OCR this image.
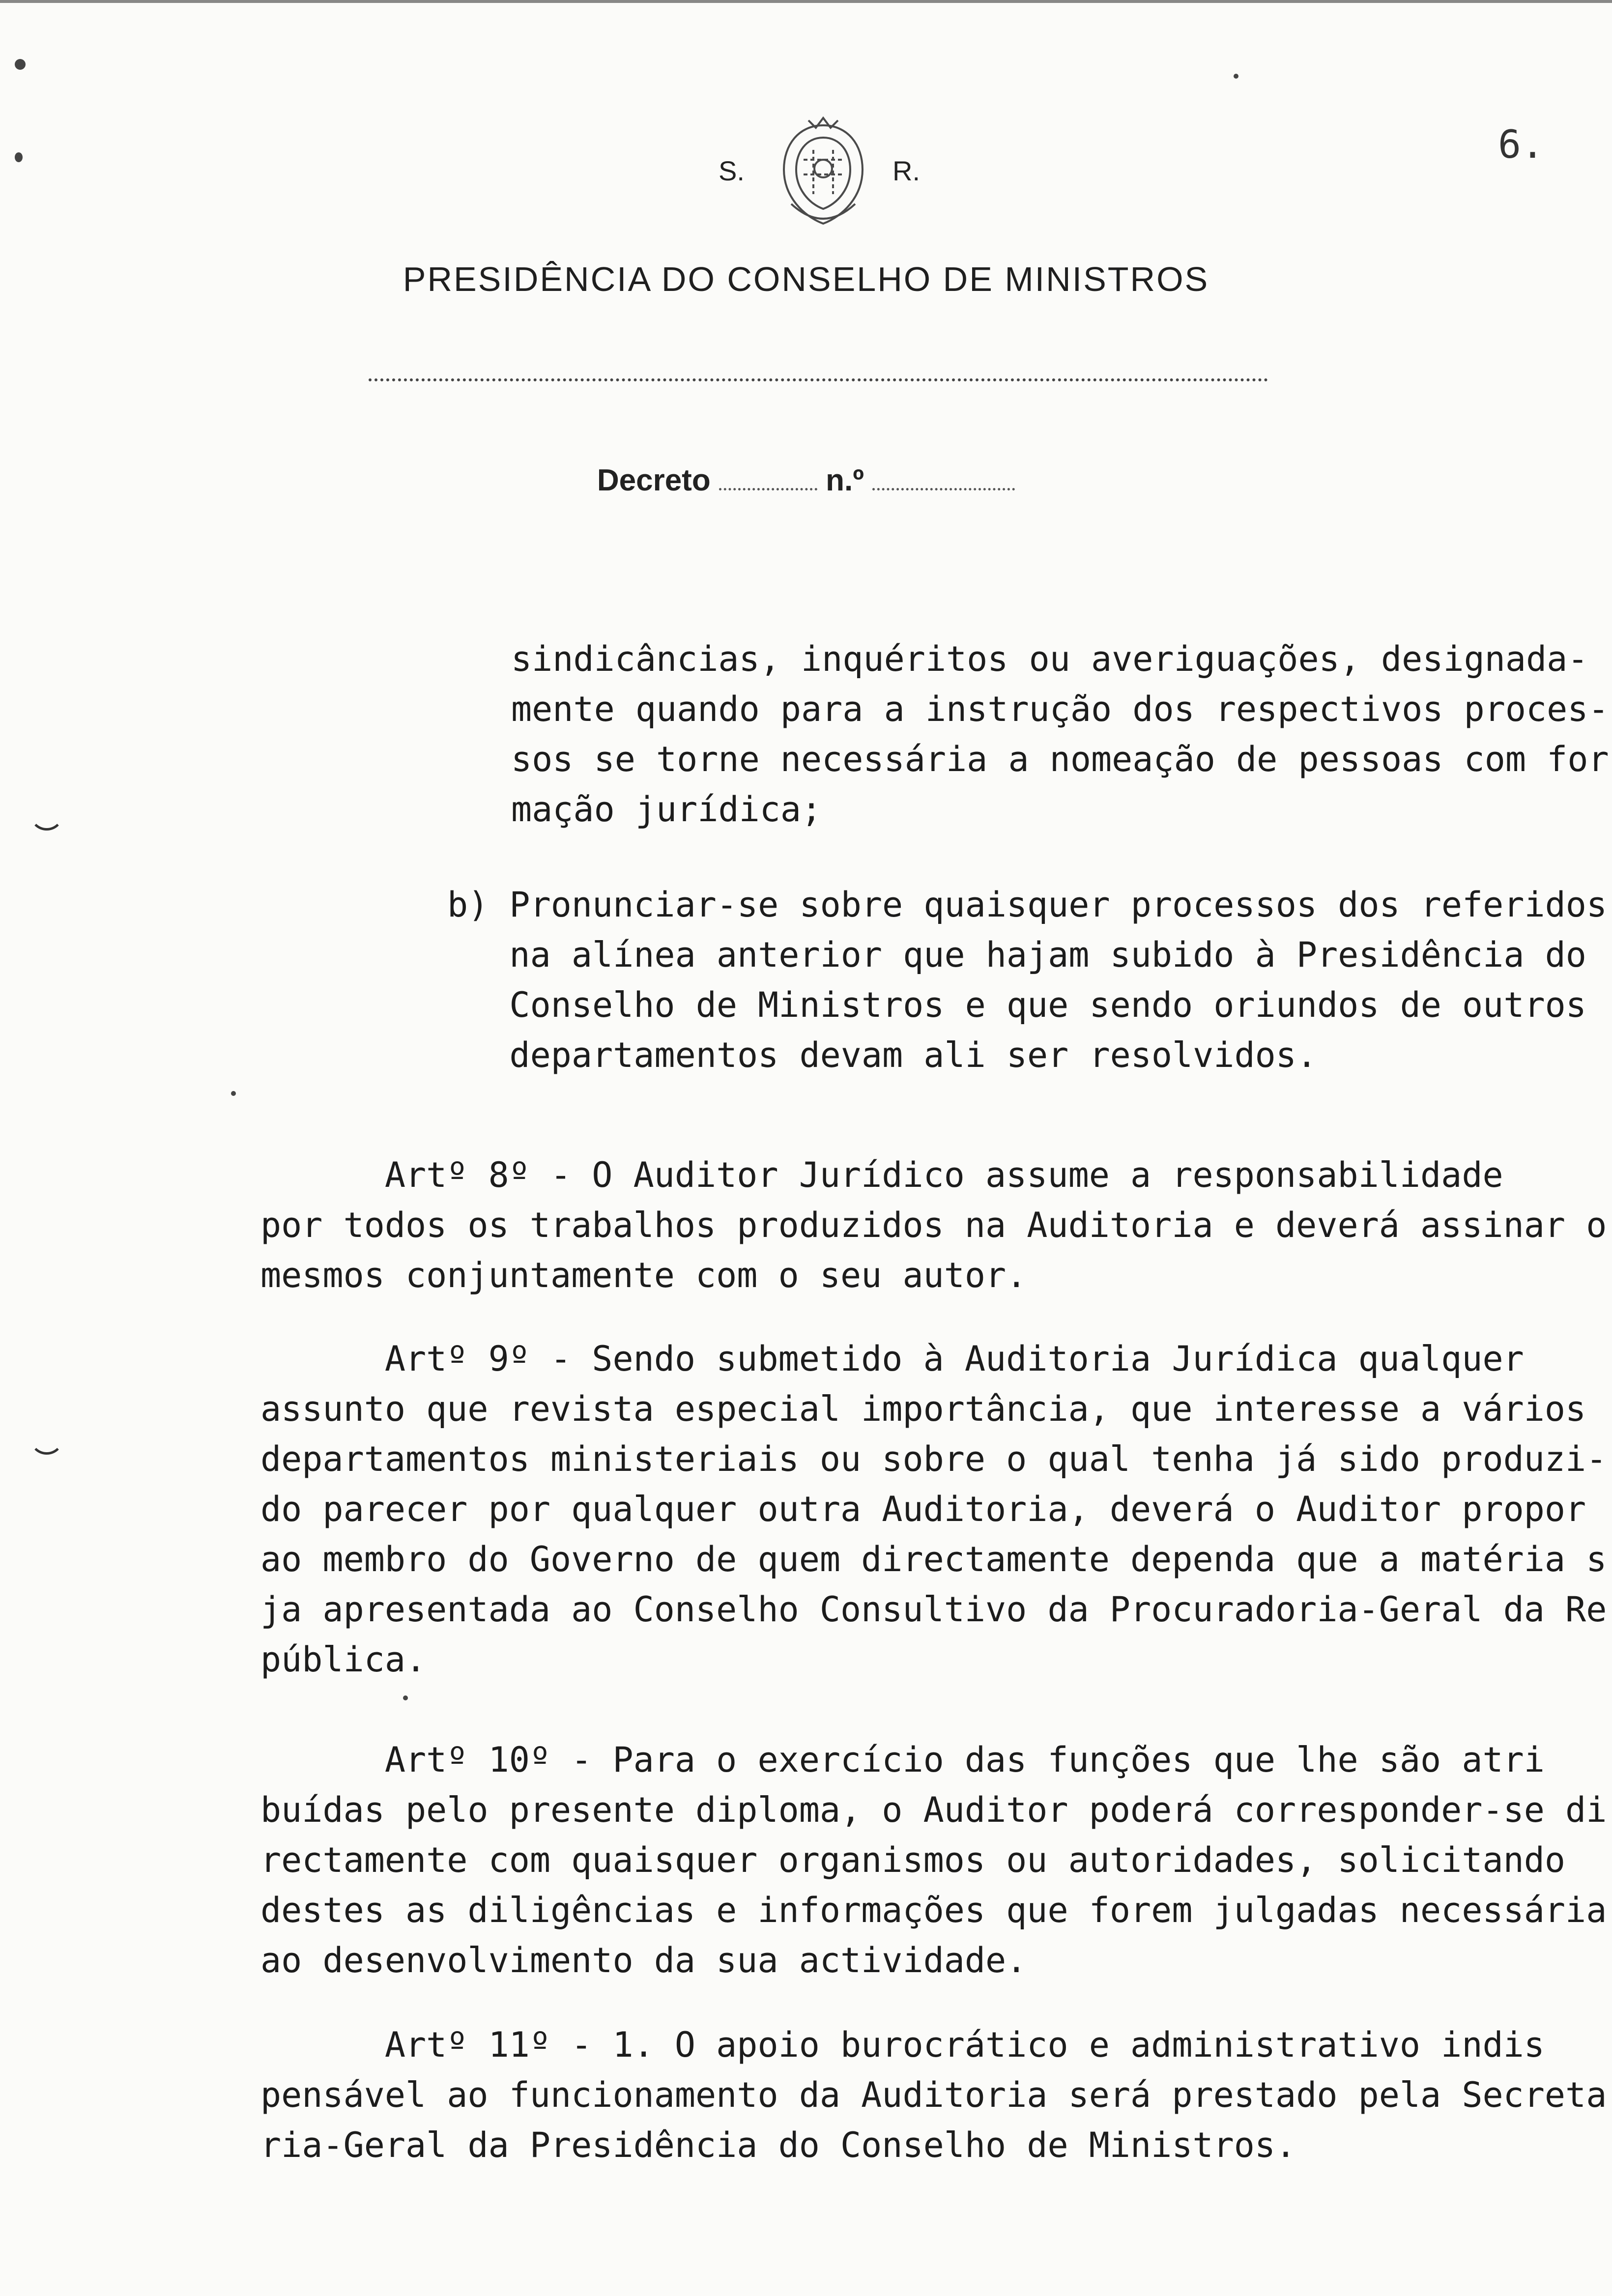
6.
S.	R.
PRESIDÊNCIA DO CONSELHO DE MINISTROS
Decreto	n.º
sindicâncias, inquéritos ou averiguações, designada-
mente quando para a instrução dos respectivos proces-
sos se torne necessária a nomeação de pessoas com for
mação jurídica;
b) Pronunciar-se sobre quaisquer processos dos referidos
na alínea anterior que hajam subido à Presidência do
Conselho de Ministros e que sendo oriundos de outros
departamentos devam ali ser resolvidos.
Artº 8º - O Auditor Jurídico assume a responsabilidade
por todos os trabalhos produzidos na Auditoria e deverá assinar o
mesmos conjuntamente com o seu autor.
Artº 9º - Sendo submetido à Auditoria Jurídica qualquer
assunto que revista especial importância, que interesse a vários
departamentos ministeriais ou sobre o qual tenha já sido produzi-
do parecer por qualquer outra Auditoria, deverá o Auditor propor
ao membro do Governo de quem directamente dependa que a matéria s
ja apresentada ao Conselho Consultivo da Procuradoria-Geral da Re
pública.
Artº 10º - Para o exercício das funções que lhe são atri
buídas pelo presente diploma, o Auditor poderá corresponder-se di
rectamente com quaisquer organismos ou autoridades, solicitando
destes as diligências e informações que forem julgadas necessária
ao desenvolvimento da sua actividade.
Artº 11º - 1. O apoio burocrático e administrativo indis
pensável ao funcionamento da Auditoria será prestado pela Secreta
ria-Geral da Presidência do Conselho de Ministros.
